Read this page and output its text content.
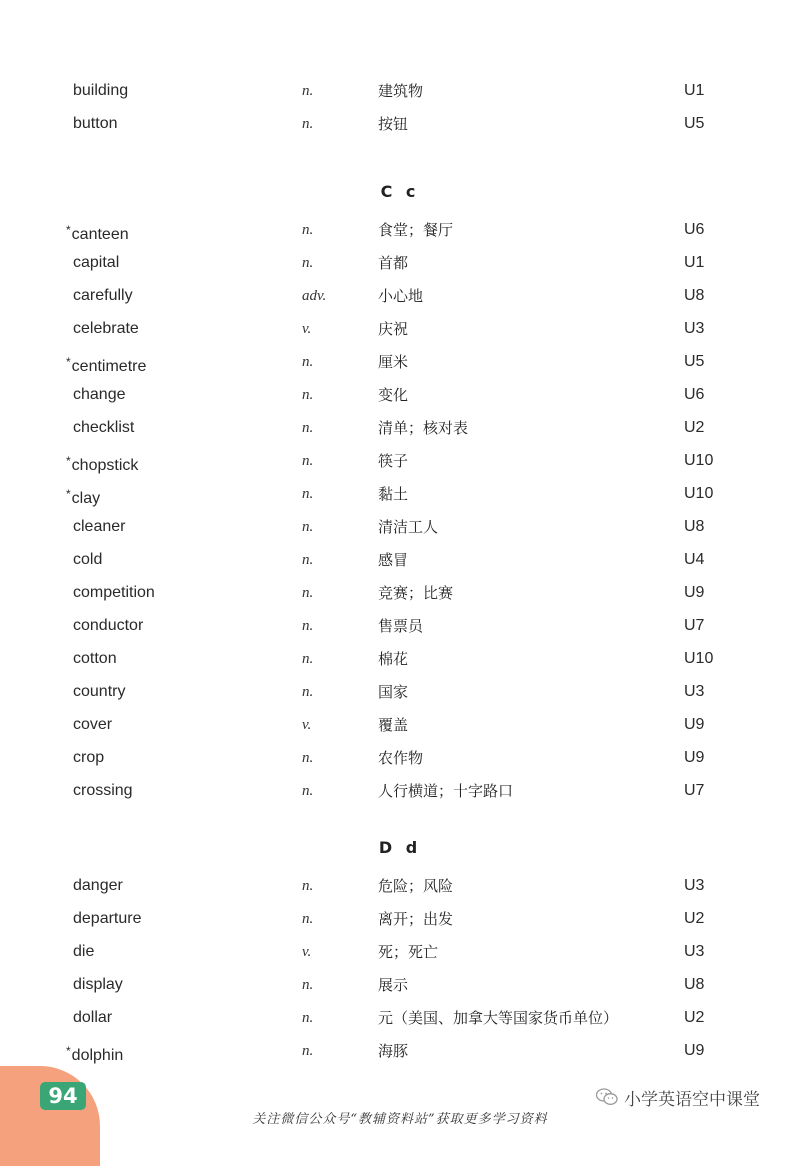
building	n.	建筑物	U1
button	n.	按钮	U5
C c
*canteen	n.	食堂；餐厅	U6
capital	n.	首都	U1
carefully	adv.	小心地	U8
celebrate	v.	庆祝	U3
*centimetre	n.	厘米	U5
change	n.	变化	U6
checklist	n.	清单；核对表	U2
*chopstick	n.	筷子	U10
*clay	n.	黏土	U10
cleaner	n.	清洁工人	U8
cold	n.	感冒	U4
competition	n.	竞赛；比赛	U9
conductor	n.	售票员	U7
cotton	n.	棉花	U10
country	n.	国家	U3
cover	v.	覆盖	U9
crop	n.	农作物	U9
crossing	n.	人行横道；十字路口	U7
D d
danger	n.	危险；风险	U3
departure	n.	离开；出发	U2
die	v.	死；死亡	U3
display	n.	展示	U8
dollar	n.	元（美国、加拿大等国家货币单位）	U2
*dolphin	n.	海豚	U9
94	小学英语空中课堂
关注微信公众号“教辅资料站”获取更多学习资料
